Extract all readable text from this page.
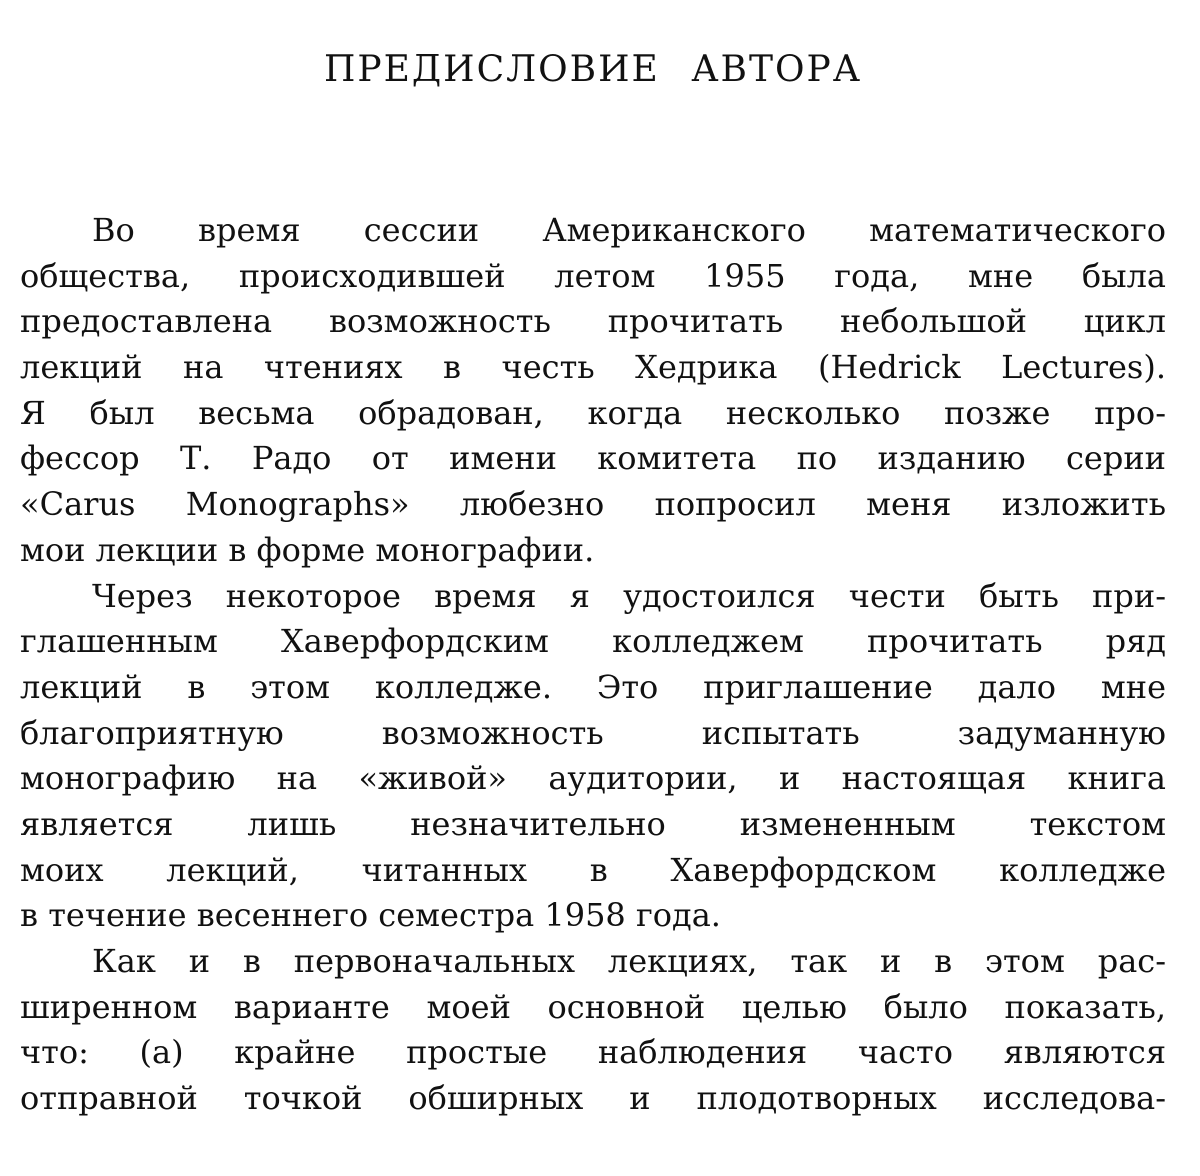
ПРЕДИСЛОВИЕ АВТОРА
Во время сессии Американского математического
общества, происходившей летом 1955 года, мне была
предоставлена возможность прочитать небольшой цикл
лекций на чтениях в честь Хедрика (Hedrick Lectures).
Я был весьма обрадован, когда несколько позже про-
фессор Т. Радо от имени комитета по изданию серии
«Carus Monographs» любезно попросил меня изложить
мои лекции в форме монографии.
Через некоторое время я удостоился чести быть при-
глашенным Хаверфордским колледжем прочитать ряд
лекций в этом колледже. Это приглашение дало мне
благоприятную возможность испытать задуманную
монографию на «живой» аудитории, и настоящая книга
является лишь незначительно измененным текстом
моих лекций, читанных в Хаверфордском колледже
в течение весеннего семестра 1958 года.
Как и в первоначальных лекциях, так и в этом рас-
ширенном варианте моей основной целью было показать,
что: (а) крайне простые наблюдения часто являются
отправной точкой обширных и плодотворных исследова-
